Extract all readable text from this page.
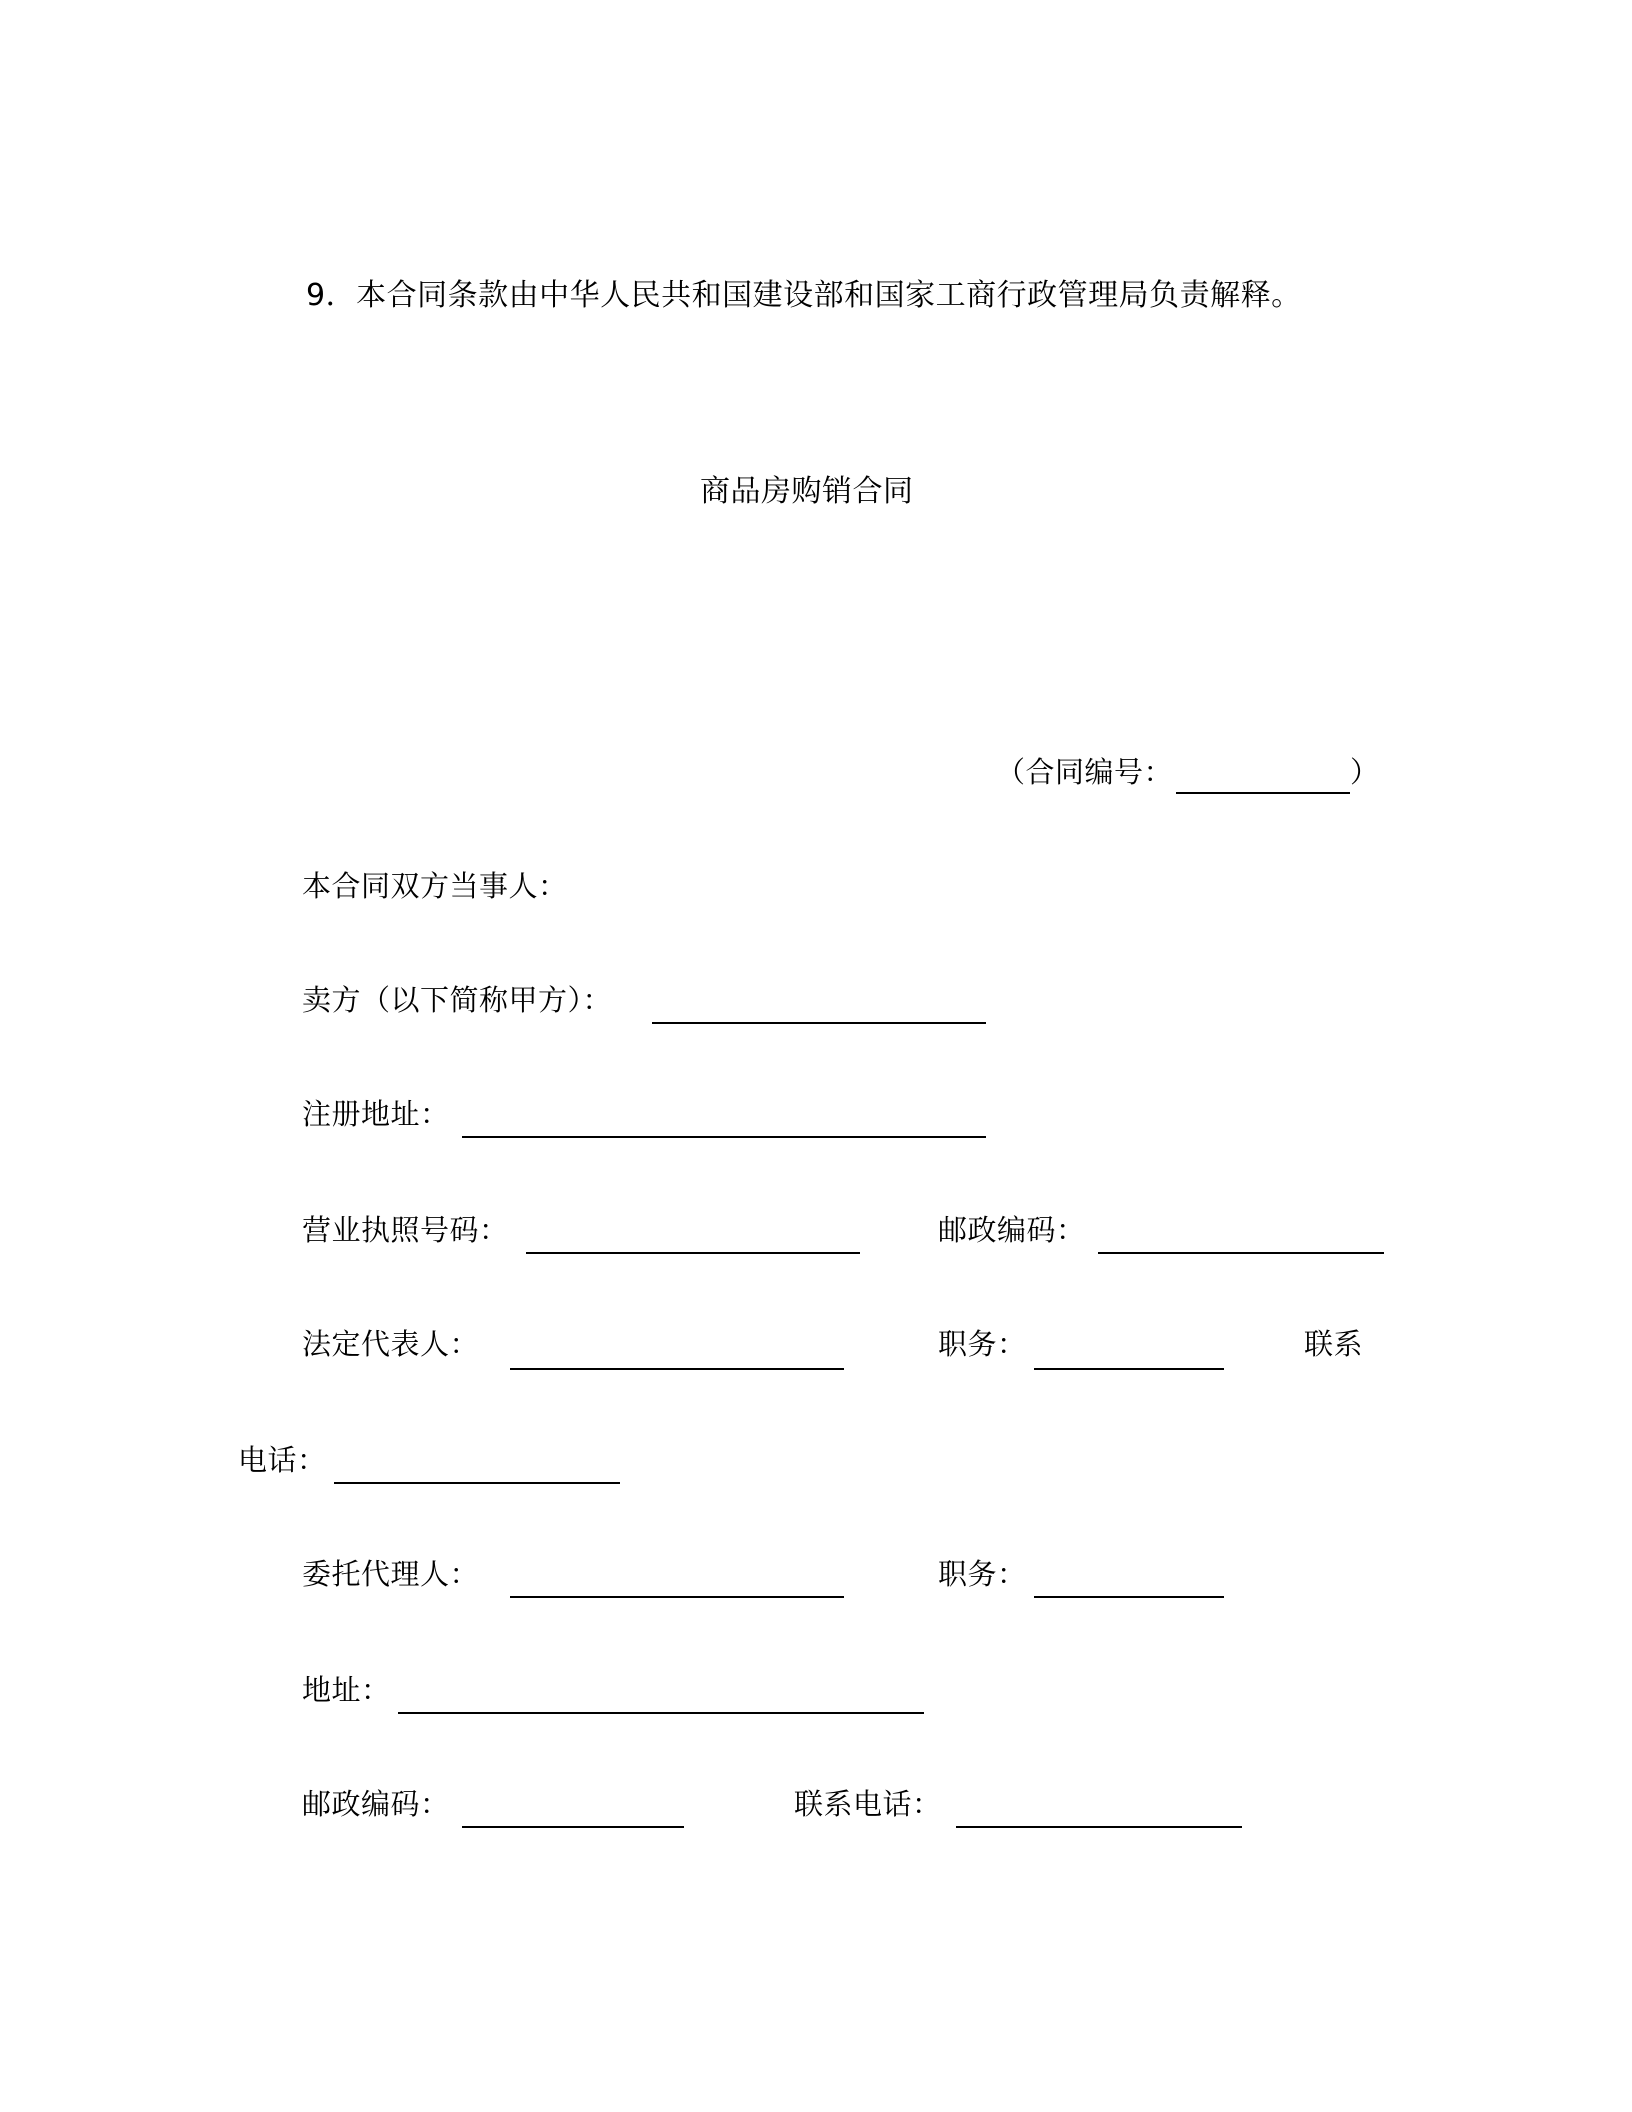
9．本合同条款由中华人民共和国建设部和国家工商行政管理局负责解释。
商品房购销合同
（合同编号：	）
本合同双方当事人：
卖方（以下简称甲方）：
注册地址：
营业执照号码：	邮政编码：
法定代表人：	职务：	联系
电话：
委托代理人：	职务：
地址：
邮政编码：	联系电话：
